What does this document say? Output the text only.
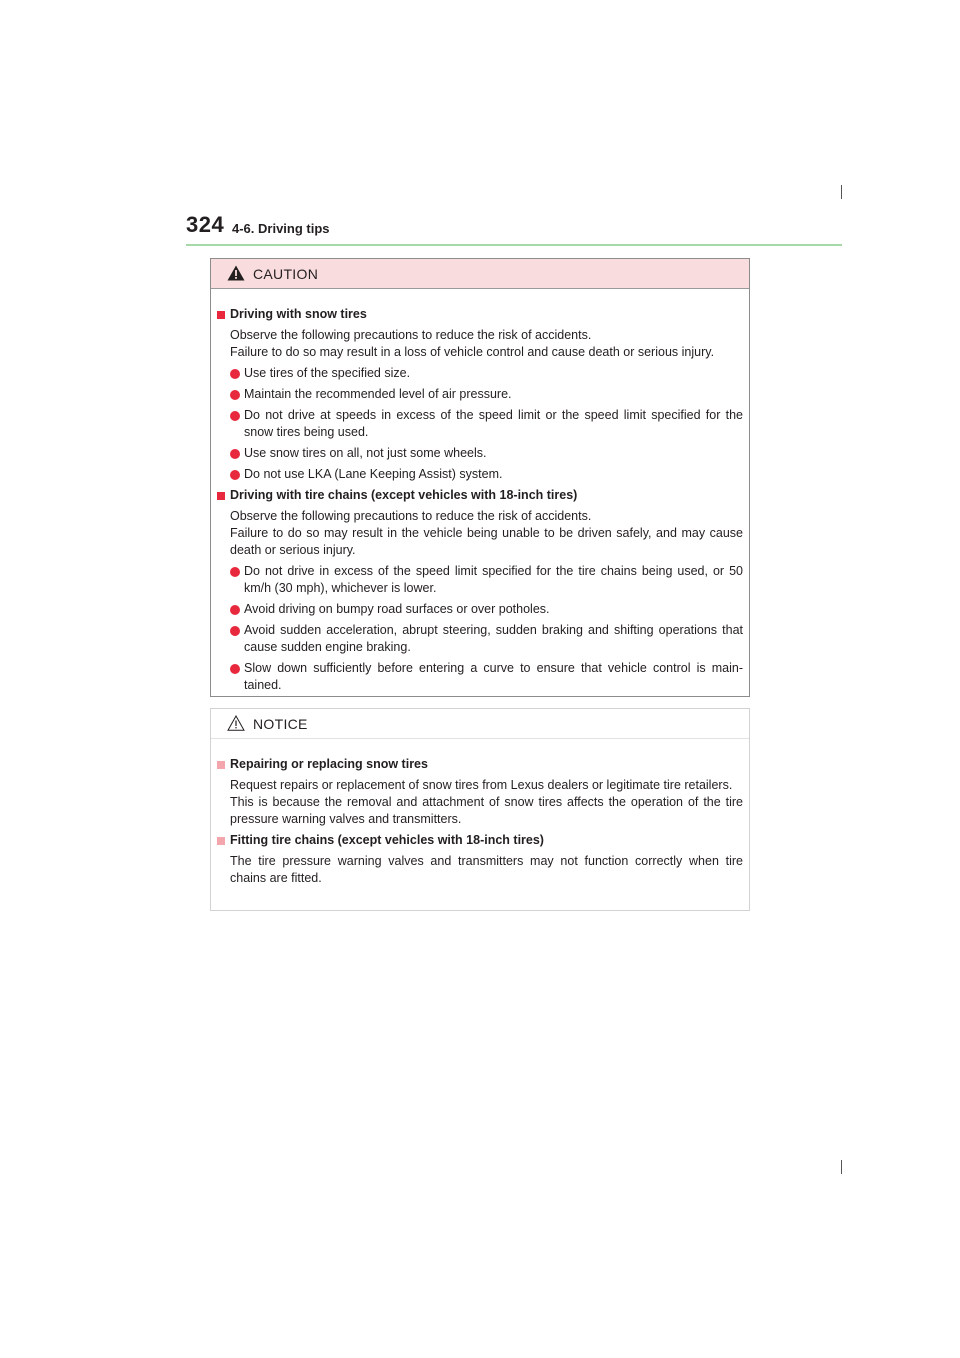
324 4-6. Driving tips
CAUTION
Driving with snow tires
Observe the following precautions to reduce the risk of accidents.
Failure to do so may result in a loss of vehicle control and cause death or serious injury.
Use tires of the specified size.
Maintain the recommended level of air pressure.
Do not drive at speeds in excess of the speed limit or the speed limit specified for the snow tires being used.
Use snow tires on all, not just some wheels.
Do not use LKA (Lane Keeping Assist) system.
Driving with tire chains (except vehicles with 18-inch tires)
Observe the following precautions to reduce the risk of accidents.
Failure to do so may result in the vehicle being unable to be driven safely, and may cause death or serious injury.
Do not drive in excess of the speed limit specified for the tire chains being used, or 50 km/h (30 mph), whichever is lower.
Avoid driving on bumpy road surfaces or over potholes.
Avoid sudden acceleration, abrupt steering, sudden braking and shifting operations that cause sudden engine braking.
Slow down sufficiently before entering a curve to ensure that vehicle control is main-tained.
NOTICE
Repairing or replacing snow tires
Request repairs or replacement of snow tires from Lexus dealers or legitimate tire retailers.
This is because the removal and attachment of snow tires affects the operation of the tire pressure warning valves and transmitters.
Fitting tire chains (except vehicles with 18-inch tires)
The tire pressure warning valves and transmitters may not function correctly when tire chains are fitted.
